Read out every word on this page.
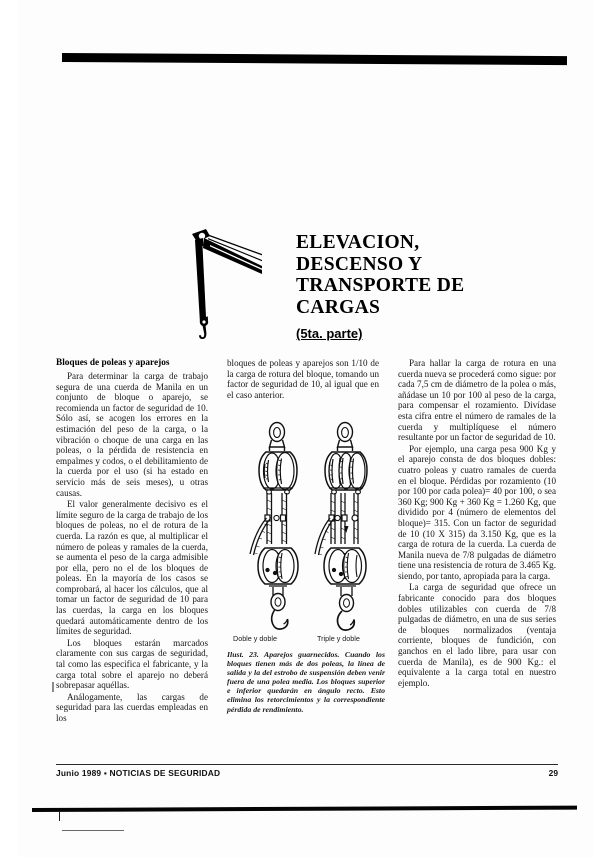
ELEVACION,
DESCENSO Y
TRANSPORTE DE
CARGAS
(5ta. parte)
Bloques de poleas y aparejos

Para determinar la carga de trabajo segura de una cuerda de Manila en un conjunto de bloque o aparejo, se recomienda un factor de seguridad de 10. Sólo así, se acogen los errores en la estimación del peso de la carga, o la vibración o choque de una carga en las poleas, o la pérdida de resistencia en empalmes y codos, o el debilitamiento de la cuerda por el uso (si ha estado en servicio más de seis meses), u otras causas.

El valor generalmente decisivo es el límite seguro de la carga de trabajo de los bloques de poleas, no el de rotura de la cuerda. La razón es que, al multiplicar el número de poleas y ramales de la cuerda, se aumenta el peso de la carga admisible por ella, pero no el de los bloques de poleas. En la mayoría de los casos se comprobará, al hacer los cálculos, que al tomar un factor de seguridad de 10 para las cuerdas, la carga en los bloques quedará automáticamente dentro de los límites de seguridad.

Los bloques estarán marcados claramente con sus cargas de seguridad, tal como las especifica el fabricante, y la carga total sobre el aparejo no deberá sobrepasar aquéllas.

Análogamente, las cargas de seguridad para las cuerdas empleadas en los

bloques de poleas y aparejos son 1/10 de la carga de rotura del bloque, tomando un factor de seguridad de 10, al igual que en el caso anterior.

Doble y doble	Triple y doble

Ilust. 23. Aparejos guarnecidos. Cuando los bloques tienen más de dos poleas, la línea de salida y la del estrobo de suspensión deben venir fuera de una polea media. Los bloques superior e inferior quedarán en ángulo recto. Esto elimina los retorcimientos y la correspondiente pérdida de rendimiento.

Para hallar la carga de rotura en una cuerda nueva se procederá como sigue: por cada 7,5 cm de diámetro de la polea o más, añádase un 10 por 100 al peso de la carga, para compensar el rozamiento. Divídase esta cifra entre el número de ramales de la cuerda y multiplíquese el número resultante por un factor de seguridad de 10.

Por ejemplo, una carga pesa 900 Kg y el aparejo consta de dos bloques dobles: cuatro poleas y cuatro ramales de cuerda en el bloque. Pérdidas por rozamiento (10 por 100 por cada polea)= 40 por 100, o sea 360 Kg; 900 Kg + 360 Kg = 1.260 Kg, que dividido por 4 (número de elementos del bloque)= 315. Con un factor de seguridad de 10 (10 X 315) da 3.150 Kg, que es la carga de rotura de la cuerda. La cuerda de Manila nueva de 7/8 pulgadas de diámetro tiene una resistencia de rotura de 3.465 Kg. siendo, por tanto, apropiada para la carga.

La carga de seguridad que ofrece un fabricante conocido para dos bloques dobles utilizables con cuerda de 7/8 pulgadas de diámetro, en una de sus series de bloques normalizados (ventaja corriente, bloques de fundición, con ganchos en el lado libre, para usar con cuerda de Manila), es de 900 Kg.: el equivalente a la carga total en nuestro ejemplo.

Junio 1989 ▪ NOTICIAS DE SEGURIDAD	29
